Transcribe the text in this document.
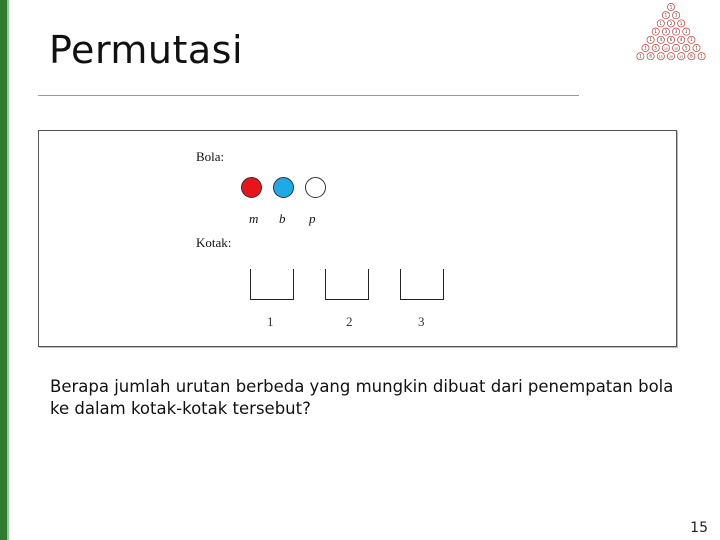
Permutasi
1
1 1
1 2 1
1 3 3 1
1 4 6 4 1
1 5 10 10 5 1
1 6 15 20 15 6 1
Bola:
m b p
Kotak:
1	2	3
Berapa jumlah urutan berbeda yang mungkin dibuat dari penempatan bola
ke dalam kotak-kotak tersebut?
15
